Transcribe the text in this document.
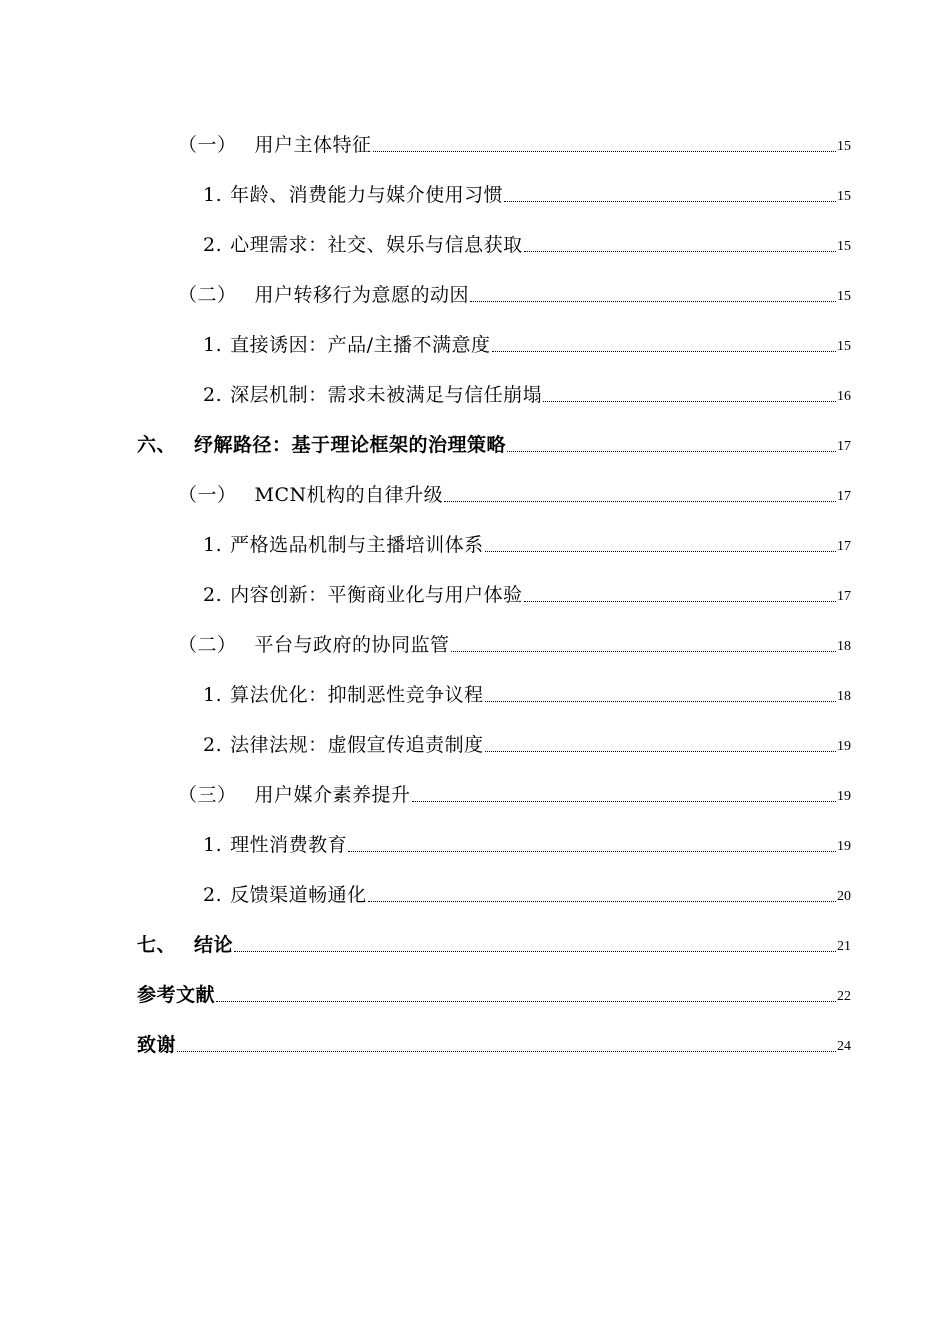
（一） 用户主体特征	15
1. 年龄、消费能力与媒介使用习惯	15
2. 心理需求：社交、娱乐与信息获取	15
（二） 用户转移行为意愿的动因	15
1. 直接诱因：产品/主播不满意度	15
2. 深层机制：需求未被满足与信任崩塌	16
六、 纾解路径：基于理论框架的治理策略	17
（一） MCN机构的自律升级	17
1. 严格选品机制与主播培训体系	17
2. 内容创新：平衡商业化与用户体验	17
（二） 平台与政府的协同监管	18
1. 算法优化：抑制恶性竞争议程	18
2. 法律法规：虚假宣传追责制度	19
（三） 用户媒介素养提升	19
1. 理性消费教育	19
2. 反馈渠道畅通化	20
七、 结论	21
参考文献	22
致谢	24
